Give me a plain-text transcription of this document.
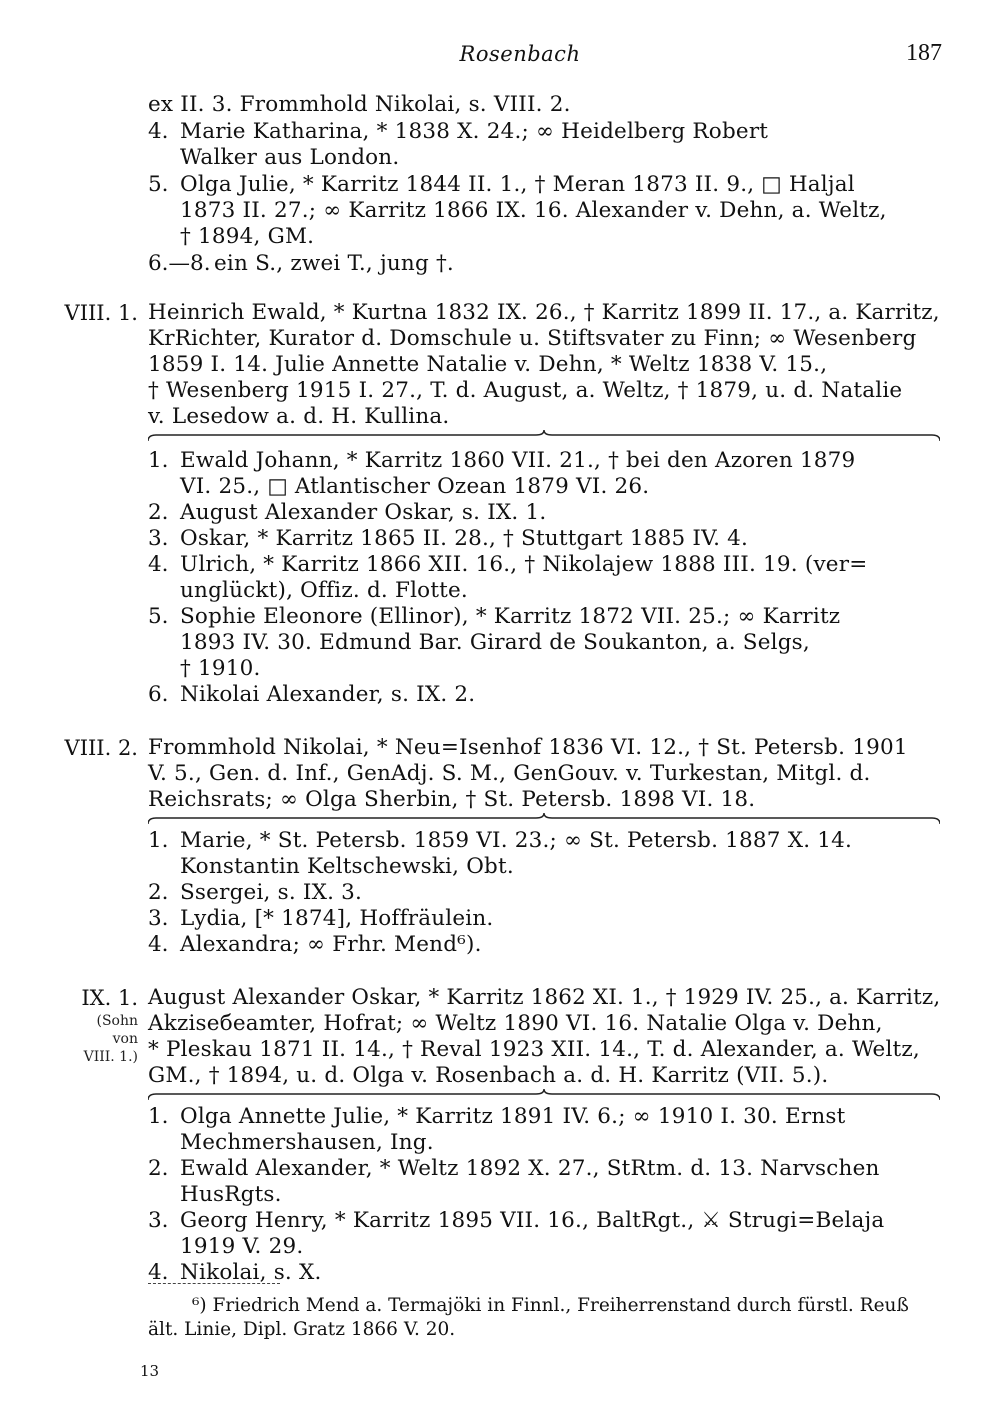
Rosenbach	187
ex II. 3. Frommhold Nikolai, s. VIII. 2.
4. Marie Katharina, * 1838 X. 24.; ∞ Heidelberg Robert
Walker aus London.
5. Olga Julie, * Karritz 1844 II. 1., † Meran 1873 II. 9., □ Haljal
1873 II. 27.; ∞ Karritz 1866 IX. 16. Alexander v. Dehn, a. Weltz,
† 1894, GM.
6.—8. ein S., zwei T., jung †.
VIII. 1. Heinrich Ewald, * Kurtna 1832 IX. 26., † Karritz 1899 II. 17., a. Karritz,
KrRichter, Kurator d. Domschule u. Stiftsvater zu Finn; ∞ Wesenberg
1859 I. 14. Julie Annette Natalie v. Dehn, * Weltz 1838 V. 15.,
† Wesenberg 1915 I. 27., T. d. August, a. Weltz, † 1879, u. d. Natalie
v. Lesedow a. d. H. Kullina.
1. Ewald Johann, * Karritz 1860 VII. 21., † bei den Azoren 1879
VI. 25., □ Atlantischer Ozean 1879 VI. 26.
2. August Alexander Oskar, s. IX. 1.
3. Oskar, * Karritz 1865 II. 28., † Stuttgart 1885 IV. 4.
4. Ulrich, * Karritz 1866 XII. 16., † Nikolajew 1888 III. 19. (ver=
unglückt), Offiz. d. Flotte.
5. Sophie Eleonore (Ellinor), * Karritz 1872 VII. 25.; ∞ Karritz
1893 IV. 30. Edmund Bar. Girard de Soukanton, a. Selgs,
† 1910.
6. Nikolai Alexander, s. IX. 2.
VIII. 2. Frommhold Nikolai, * Neu=Isenhof 1836 VI. 12., † St. Petersb. 1901
V. 5., Gen. d. Inf., GenAdj. S. M., GenGouv. v. Turkestan, Mitgl. d.
Reichsrats; ∞ Olga Sherbin, † St. Petersb. 1898 VI. 18.
1. Marie, * St. Petersb. 1859 VI. 23.; ∞ St. Petersb. 1887 X. 14.
Konstantin Keltschewski, Obt.
2. Ssergei, s. IX. 3.
3. Lydia, [* 1874], Hoffräulein.
4. Alexandra; ∞ Frhr. Mend⁶).
IX. 1.
(Sohn
von
VIII. 1.)
August Alexander Oskar, * Karritz 1862 XI. 1., † 1929 IV. 25., a. Karritz,
Akziseбeamter, Hofrat; ∞ Weltz 1890 VI. 16. Natalie Olga v. Dehn,
* Pleskau 1871 II. 14., † Reval 1923 XII. 14., T. d. Alexander, a. Weltz,
GM., † 1894, u. d. Olga v. Rosenbach a. d. H. Karritz (VII. 5.).
1. Olga Annette Julie, * Karritz 1891 IV. 6.; ∞ 1910 I. 30. Ernst
Mechmershausen, Ing.
2. Ewald Alexander, * Weltz 1892 X. 27., StRtm. d. 13. Narvschen
HusRgts.
3. Georg Henry, * Karritz 1895 VII. 16., BaltRgt., ⚔ Strugi=Belaja
1919 V. 29.
4. Nikolai, s. X.
⁶) Friedrich Mend a. Termajöki in Finnl., Freiherrenstand durch fürstl. Reuß
ält. Linie, Dipl. Gratz 1866 V. 20.
13
